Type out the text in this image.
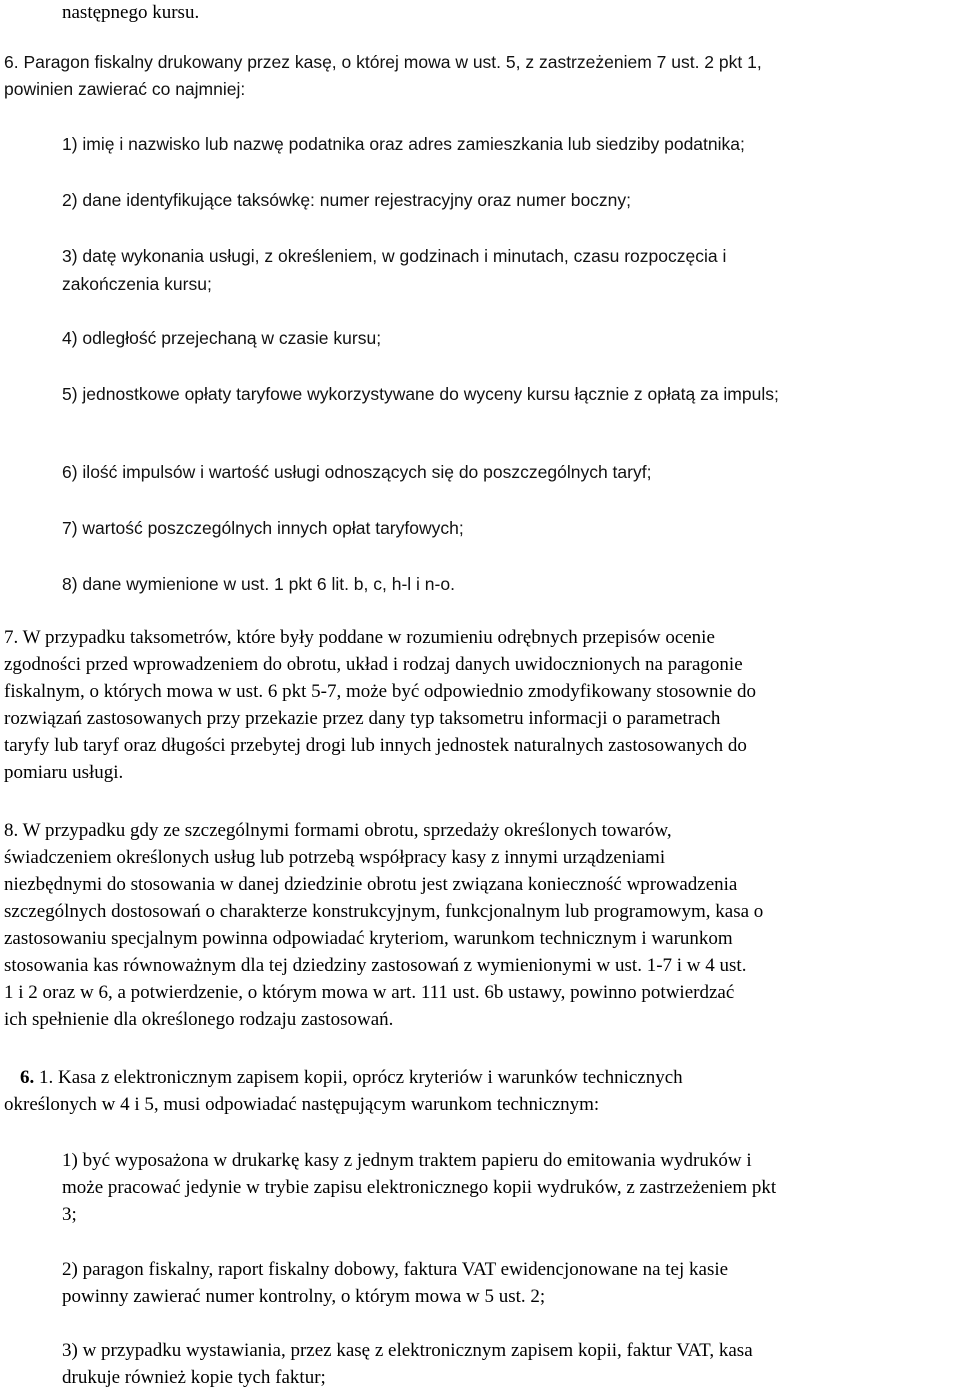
następnego kursu.
6. Paragon fiskalny drukowany przez kasę, o której mowa w ust. 5, z zastrzeżeniem 7 ust. 2 pkt 1,
powinien zawierać co najmniej:
1) imię i nazwisko lub nazwę podatnika oraz adres zamieszkania lub siedziby podatnika;
2) dane identyfikujące taksówkę: numer rejestracyjny oraz numer boczny;
3) datę wykonania usługi, z określeniem, w godzinach i minutach, czasu rozpoczęcia i
zakończenia kursu;
4) odległość przejechaną w czasie kursu;
5) jednostkowe opłaty taryfowe wykorzystywane do wyceny kursu łącznie z opłatą za impuls;
6) ilość impulsów i wartość usługi odnoszących się do poszczególnych taryf;
7) wartość poszczególnych innych opłat taryfowych;
8) dane wymienione w ust. 1 pkt 6 lit. b, c, h-l i n-o.
7. W przypadku taksometrów, które były poddane w rozumieniu odrębnych przepisów ocenie
zgodności przed wprowadzeniem do obrotu, układ i rodzaj danych uwidocznionych na paragonie
fiskalnym, o których mowa w ust. 6 pkt 5-7, może być odpowiednio zmodyfikowany stosownie do
rozwiązań zastosowanych przy przekazie przez dany typ taksometru informacji o parametrach
taryfy lub taryf oraz długości przebytej drogi lub innych jednostek naturalnych zastosowanych do
pomiaru usługi.
8. W przypadku gdy ze szczególnymi formami obrotu, sprzedaży określonych towarów,
świadczeniem określonych usług lub potrzebą współpracy kasy z innymi urządzeniami
niezbędnymi do stosowania w danej dziedzinie obrotu jest związana konieczność wprowadzenia
szczególnych dostosowań o charakterze konstrukcyjnym, funkcjonalnym lub programowym, kasa o
zastosowaniu specjalnym powinna odpowiadać kryteriom, warunkom technicznym i warunkom
stosowania kas równoważnym dla tej dziedziny zastosowań z wymienionymi w ust. 1-7 i w 4 ust.
1 i 2 oraz w 6, a potwierdzenie, o którym mowa w art. 111 ust. 6b ustawy, powinno potwierdzać
ich spełnienie dla określonego rodzaju zastosowań.
6. 1. Kasa z elektronicznym zapisem kopii, oprócz kryteriów i warunków technicznych
określonych w 4 i 5, musi odpowiadać następującym warunkom technicznym:
1) być wyposażona w drukarkę kasy z jednym traktem papieru do emitowania wydruków i
może pracować jedynie w trybie zapisu elektronicznego kopii wydruków, z zastrzeżeniem pkt
3;
2) paragon fiskalny, raport fiskalny dobowy, faktura VAT ewidencjonowane na tej kasie
powinny zawierać numer kontrolny, o którym mowa w 5 ust. 2;
3) w przypadku wystawiania, przez kasę z elektronicznym zapisem kopii, faktur VAT, kasa
drukuje również kopie tych faktur;
